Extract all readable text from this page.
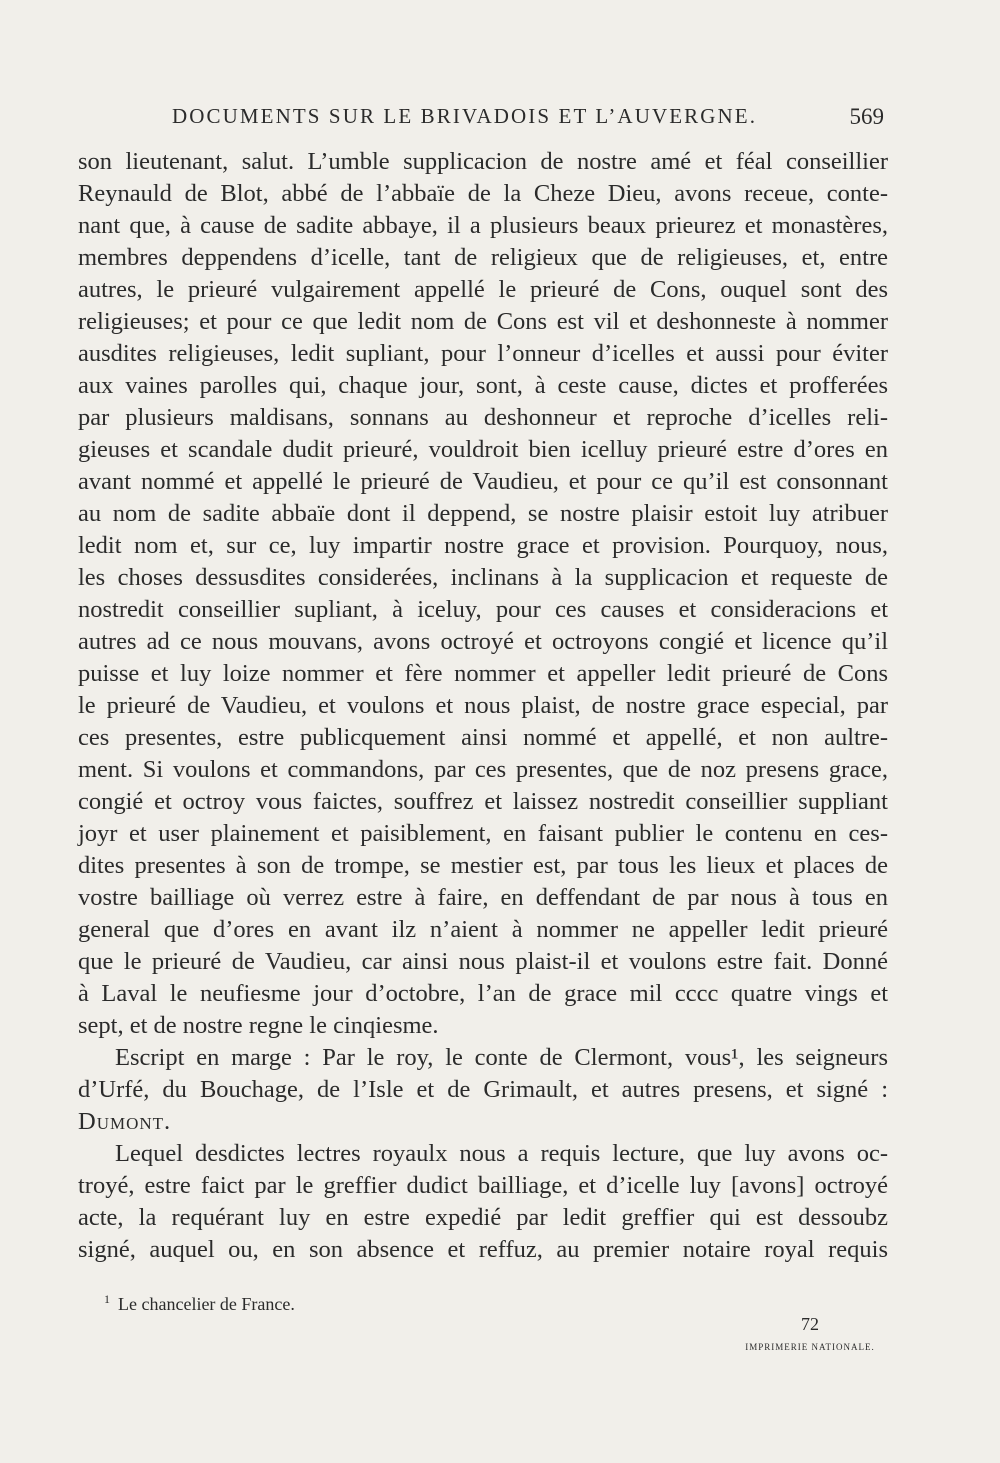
DOCUMENTS SUR LE BRIVADOIS ET L’AUVERGNE.	569
son lieutenant, salut. L’umble supplicacion de nostre amé et féal conseillier
Reynauld de Blot, abbé de l’abbaïe de la Cheze Dieu, avons receue, conte-
nant que, à cause de sadite abbaye, il a plusieurs beaux prieurez et monastères,
membres deppendens d’icelle, tant de religieux que de religieuses, et, entre
autres, le prieuré vulgairement appellé le prieuré de Cons, ouquel sont des
religieuses; et pour ce que ledit nom de Cons est vil et deshonneste à nommer
ausdites religieuses, ledit supliant, pour l’onneur d’icelles et aussi pour éviter
aux vaines parolles qui, chaque jour, sont, à ceste cause, dictes et profferées
par plusieurs maldisans, sonnans au deshonneur et reproche d’icelles reli-
gieuses et scandale dudit prieuré, vouldroit bien icelluy prieuré estre d’ores en
avant nommé et appellé le prieuré de Vaudieu, et pour ce qu’il est consonnant
au nom de sadite abbaïe dont il deppend, se nostre plaisir estoit luy atribuer
ledit nom et, sur ce, luy impartir nostre grace et provision. Pourquoy, nous,
les choses dessusdites considerées, inclinans à la supplicacion et requeste de
nostredit conseillier supliant, à iceluy, pour ces causes et consideracions et
autres ad ce nous mouvans, avons octroyé et octroyons congié et licence qu’il
puisse et luy loize nommer et fère nommer et appeller ledit prieuré de Cons
le prieuré de Vaudieu, et voulons et nous plaist, de nostre grace especial, par
ces presentes, estre publicquement ainsi nommé et appellé, et non aultre-
ment. Si voulons et commandons, par ces presentes, que de noz presens grace,
congié et octroy vous faictes, souffrez et laissez nostredit conseillier suppliant
joyr et user plainement et paisiblement, en faisant publier le contenu en ces-
dites presentes à son de trompe, se mestier est, par tous les lieux et places de
vostre bailliage où verrez estre à faire, en deffendant de par nous à tous en
general que d’ores en avant ilz n’aient à nommer ne appeller ledit prieuré
que le prieuré de Vaudieu, car ainsi nous plaist-il et voulons estre fait. Donné
à Laval le neufiesme jour d’octobre, l’an de grace mil cccc quatre vings et
sept, et de nostre regne le cinqiesme.
Escript en marge : Par le roy, le conte de Clermont, vous¹, les seigneurs
d’Urfé, du Bouchage, de l’Isle et de Grimault, et autres presens, et signé :
Dumont.
Lequel desdictes lectres royaulx nous a requis lecture, que luy avons oc-
troyé, estre faict par le greffier dudict bailliage, et d’icelle luy [avons] octroyé
acte, la requérant luy en estre expedié par ledit greffier qui est dessoubz
signé, auquel ou, en son absence et reffuz, au premier notaire royal requis
$^1$ Le chancelier de France.
72
IMPRIMERIE NATIONALE.
